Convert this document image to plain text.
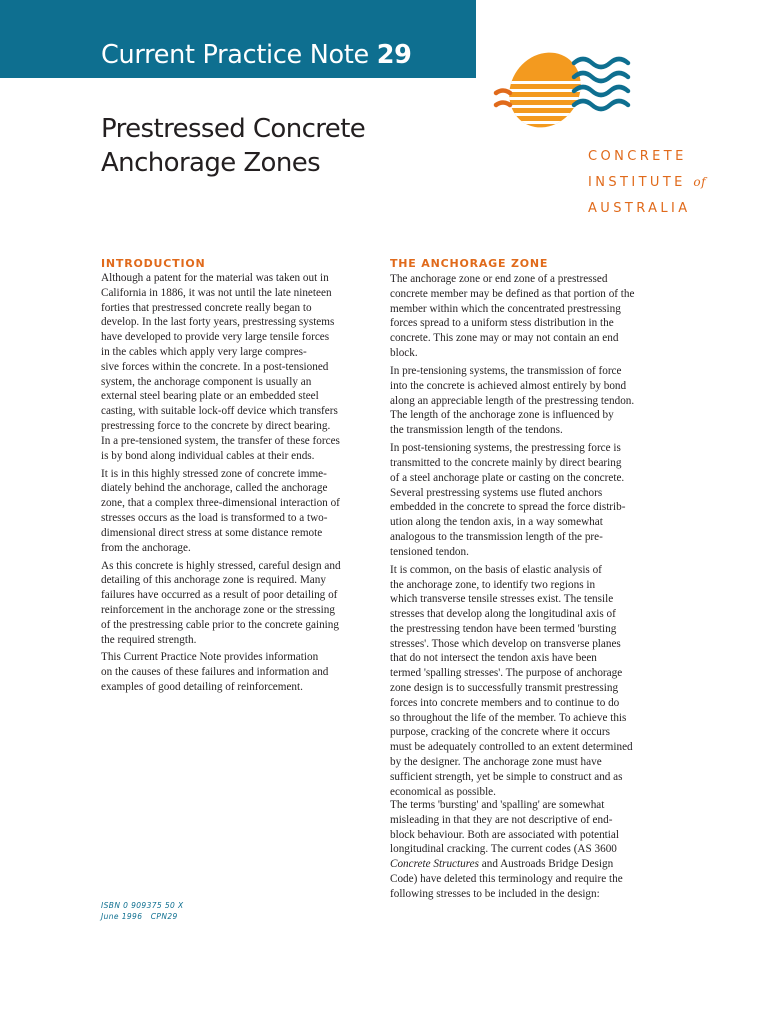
Current Practice Note 29
Prestressed Concrete
Anchorage Zones	CONCRETE
INSTITUTE of
AUSTRALIA
INTRODUCTION

Although a patent for the material was taken out in
California in 1886, it was not until the late nineteen
forties that prestressed concrete really began to
develop. In the last forty years, prestressing systems
have developed to provide very large tensile forces
in the cables which apply very large compres-
sive forces within the concrete. In a post-tensioned
system, the anchorage component is usually an
external steel bearing plate or an embedded steel
casting, with suitable lock-off device which transfers
prestressing force to the concrete by direct bearing.
In a pre-tensioned system, the transfer of these forces
is by bond along individual cables at their ends.

It is in this highly stressed zone of concrete imme-
diately behind the anchorage, called the anchorage
zone, that a complex three-dimensional interaction of
stresses occurs as the load is transformed to a two-
dimensional direct stress at some distance remote
from the anchorage.

As this concrete is highly stressed, careful design and
detailing of this anchorage zone is required. Many
failures have occurred as a result of poor detailing of
reinforcement in the anchorage zone or the stressing
of the prestressing cable prior to the concrete gaining
the required strength.

This Current Practice Note provides information
on the causes of these failures and information and
examples of good detailing of reinforcement.

THE ANCHORAGE ZONE

The anchorage zone or end zone of a prestressed
concrete member may be defined as that portion of the
member within which the concentrated prestressing
forces spread to a uniform stess distribution in the
concrete. This zone may or may not contain an end
block.

In pre-tensioning systems, the transmission of force
into the concrete is achieved almost entirely by bond
along an appreciable length of the prestressing tendon.
The length of the anchorage zone is influenced by
the transmission length of the tendons.

In post-tensioning systems, the prestressing force is
transmitted to the concrete mainly by direct bearing
of a steel anchorage plate or casting on the concrete.
Several prestressing systems use fluted anchors
embedded in the concrete to spread the force distrib-
ution along the tendon axis, in a way somewhat
analogous to the transmission length of the pre-
tensioned tendon.

It is common, on the basis of elastic analysis of
the anchorage zone, to identify two regions in
which transverse tensile stresses exist. The tensile
stresses that develop along the longitudinal axis of
the prestressing tendon have been termed 'bursting
stresses'. Those which develop on transverse planes
that do not intersect the tendon axis have been
termed 'spalling stresses'. The purpose of anchorage
zone design is to successfully transmit prestressing
forces into concrete members and to continue to do
so throughout the life of the member. To achieve this
purpose, cracking of the concrete where it occurs
must be adequately controlled to an extent determined
by the designer. The anchorage zone must have
sufficient strength, yet be simple to construct and as
economical as possible.

The terms 'bursting' and 'spalling' are somewhat
misleading in that they are not descriptive of end-
block behaviour. Both are associated with potential
longitudinal cracking. The current codes (AS 3600
Concrete Structures and Austroads Bridge Design
Code) have deleted this terminology and require the
following stresses to be included in the design:
ISBN 0 909375 50 X
June 1996 CPN29
